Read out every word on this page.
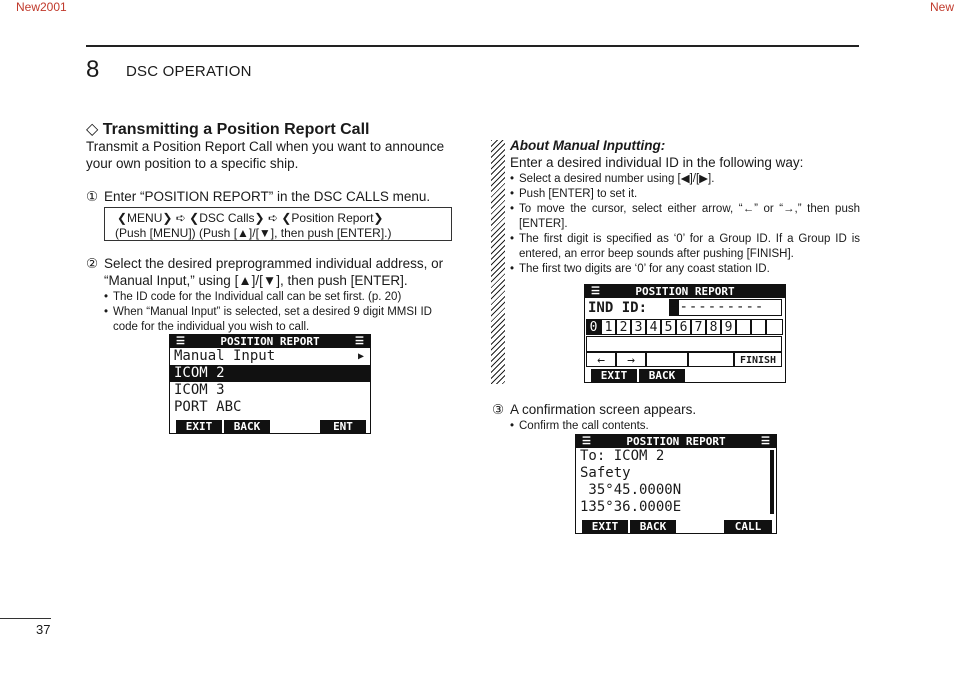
New2001	New
8 DSC OPERATION
◇ Transmitting a Position Report Call
Transmit a Position Report Call when you want to announce your own position to a specific ship.
① Enter “POSITION REPORT” in the DSC CALLS menu.
❮MENU❯ ➪ ❮DSC Calls❯ ➪ ❮Position Report❯
(Push [MENU]) (Push [▲]/[▼], then push [ENTER].)
② Select the desired preprogrammed individual address, or “Manual Input,” using [▲]/[▼], then push [ENTER].
• The ID code for the Individual call can be set first. (p. 20)
• When “Manual Input” is selected, set a desired 9 digit MMSI ID code for the individual you wish to call.
☰	POSITION REPORT	☰
Manual Input	▶
ICOM 2
ICOM 3
PORT ABC
EXIT	BACK	ENT
About Manual Inputting:
Enter a desired individual ID in the following way:
• Select a desired number using [◀]/[▶].
• Push [ENTER] to set it.
• To move the cursor, select either arrow, “←” or “→,” then push [ENTER].
• The first digit is specified as ‘0’ for a Group ID. If a Group ID is entered, an error beep sounds after pushing [FINISH].
• The first two digits are ‘0’ for any coast station ID.
☰	POSITION REPORT
IND ID: ----------
0 1 2 3 4 5 6 7 8 9
←	→	FINISH
EXIT	BACK
③ A confirmation screen appears.
• Confirm the call contents.
☰	POSITION REPORT	☰
To: ICOM 2
Safety
35°45.0000N
135°36.0000E
EXIT	BACK	CALL
37
